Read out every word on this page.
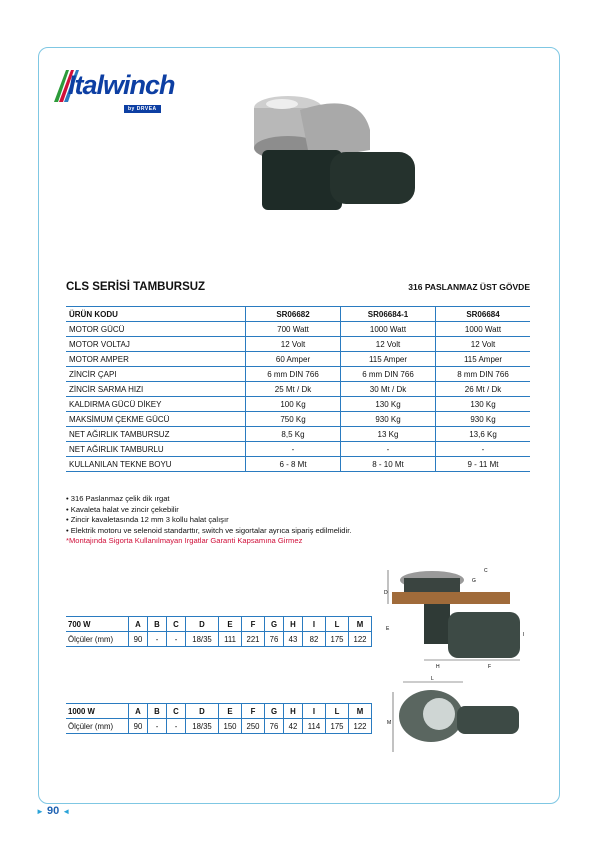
Italwinch
by DRVEA
CLS SERİSİ TAMBURSUZ	316 PASLANMAZ ÜST GÖVDE
ÜRÜN KODU	SR06682	SR06684-1	SR06684
MOTOR GÜCÜ	700 Watt	1000 Watt	1000 Watt
MOTOR VOLTAJ	12 Volt	12 Volt	12 Volt
MOTOR AMPER	60 Amper	115 Amper	115 Amper
ZİNCİR ÇAPI	6 mm DIN 766	6 mm DIN 766	8 mm DIN 766
ZİNCİR SARMA HIZI	25 Mt / Dk	30 Mt / Dk	26 Mt / Dk
KALDIRMA GÜCÜ DİKEY	100 Kg	130 Kg	130 Kg
MAKSİMUM ÇEKME GÜCÜ	750 Kg	930 Kg	930 Kg
NET AĞIRLIK TAMBURSUZ	8,5 Kg	13 Kg	13,6 Kg
NET AĞIRLIK TAMBURLU	-	-	-
KULLANILAN TEKNE BOYU	6 - 8 Mt	8 - 10 Mt	9 - 11 Mt
• 316 Paslanmaz çelik dik ırgat
• Kavaleta halat ve zincir çekebilir
• Zincir kavaletasında 12 mm 3 kollu halat çalışır
• Elektrik motoru ve selenoid standarttır, switch ve sigortalar ayrıca sipariş edilmelidir.
*Montajında Sigorta Kullanılmayan Irgatlar Garanti Kapsamına Girmez
700 W	A	B	C	D	E	F	G	H	I	L	M
Ölçüler (mm)	90	-	-	18/35	111	221	76	43	82	175	122
1000 W	A	B	C	D	E	F	G	H	I	L	M
Ölçüler (mm)	90	-	-	18/35	150	250	76	42	114	175	122
D
C
E
H	F
I
G
L
M
► 90 ◄
